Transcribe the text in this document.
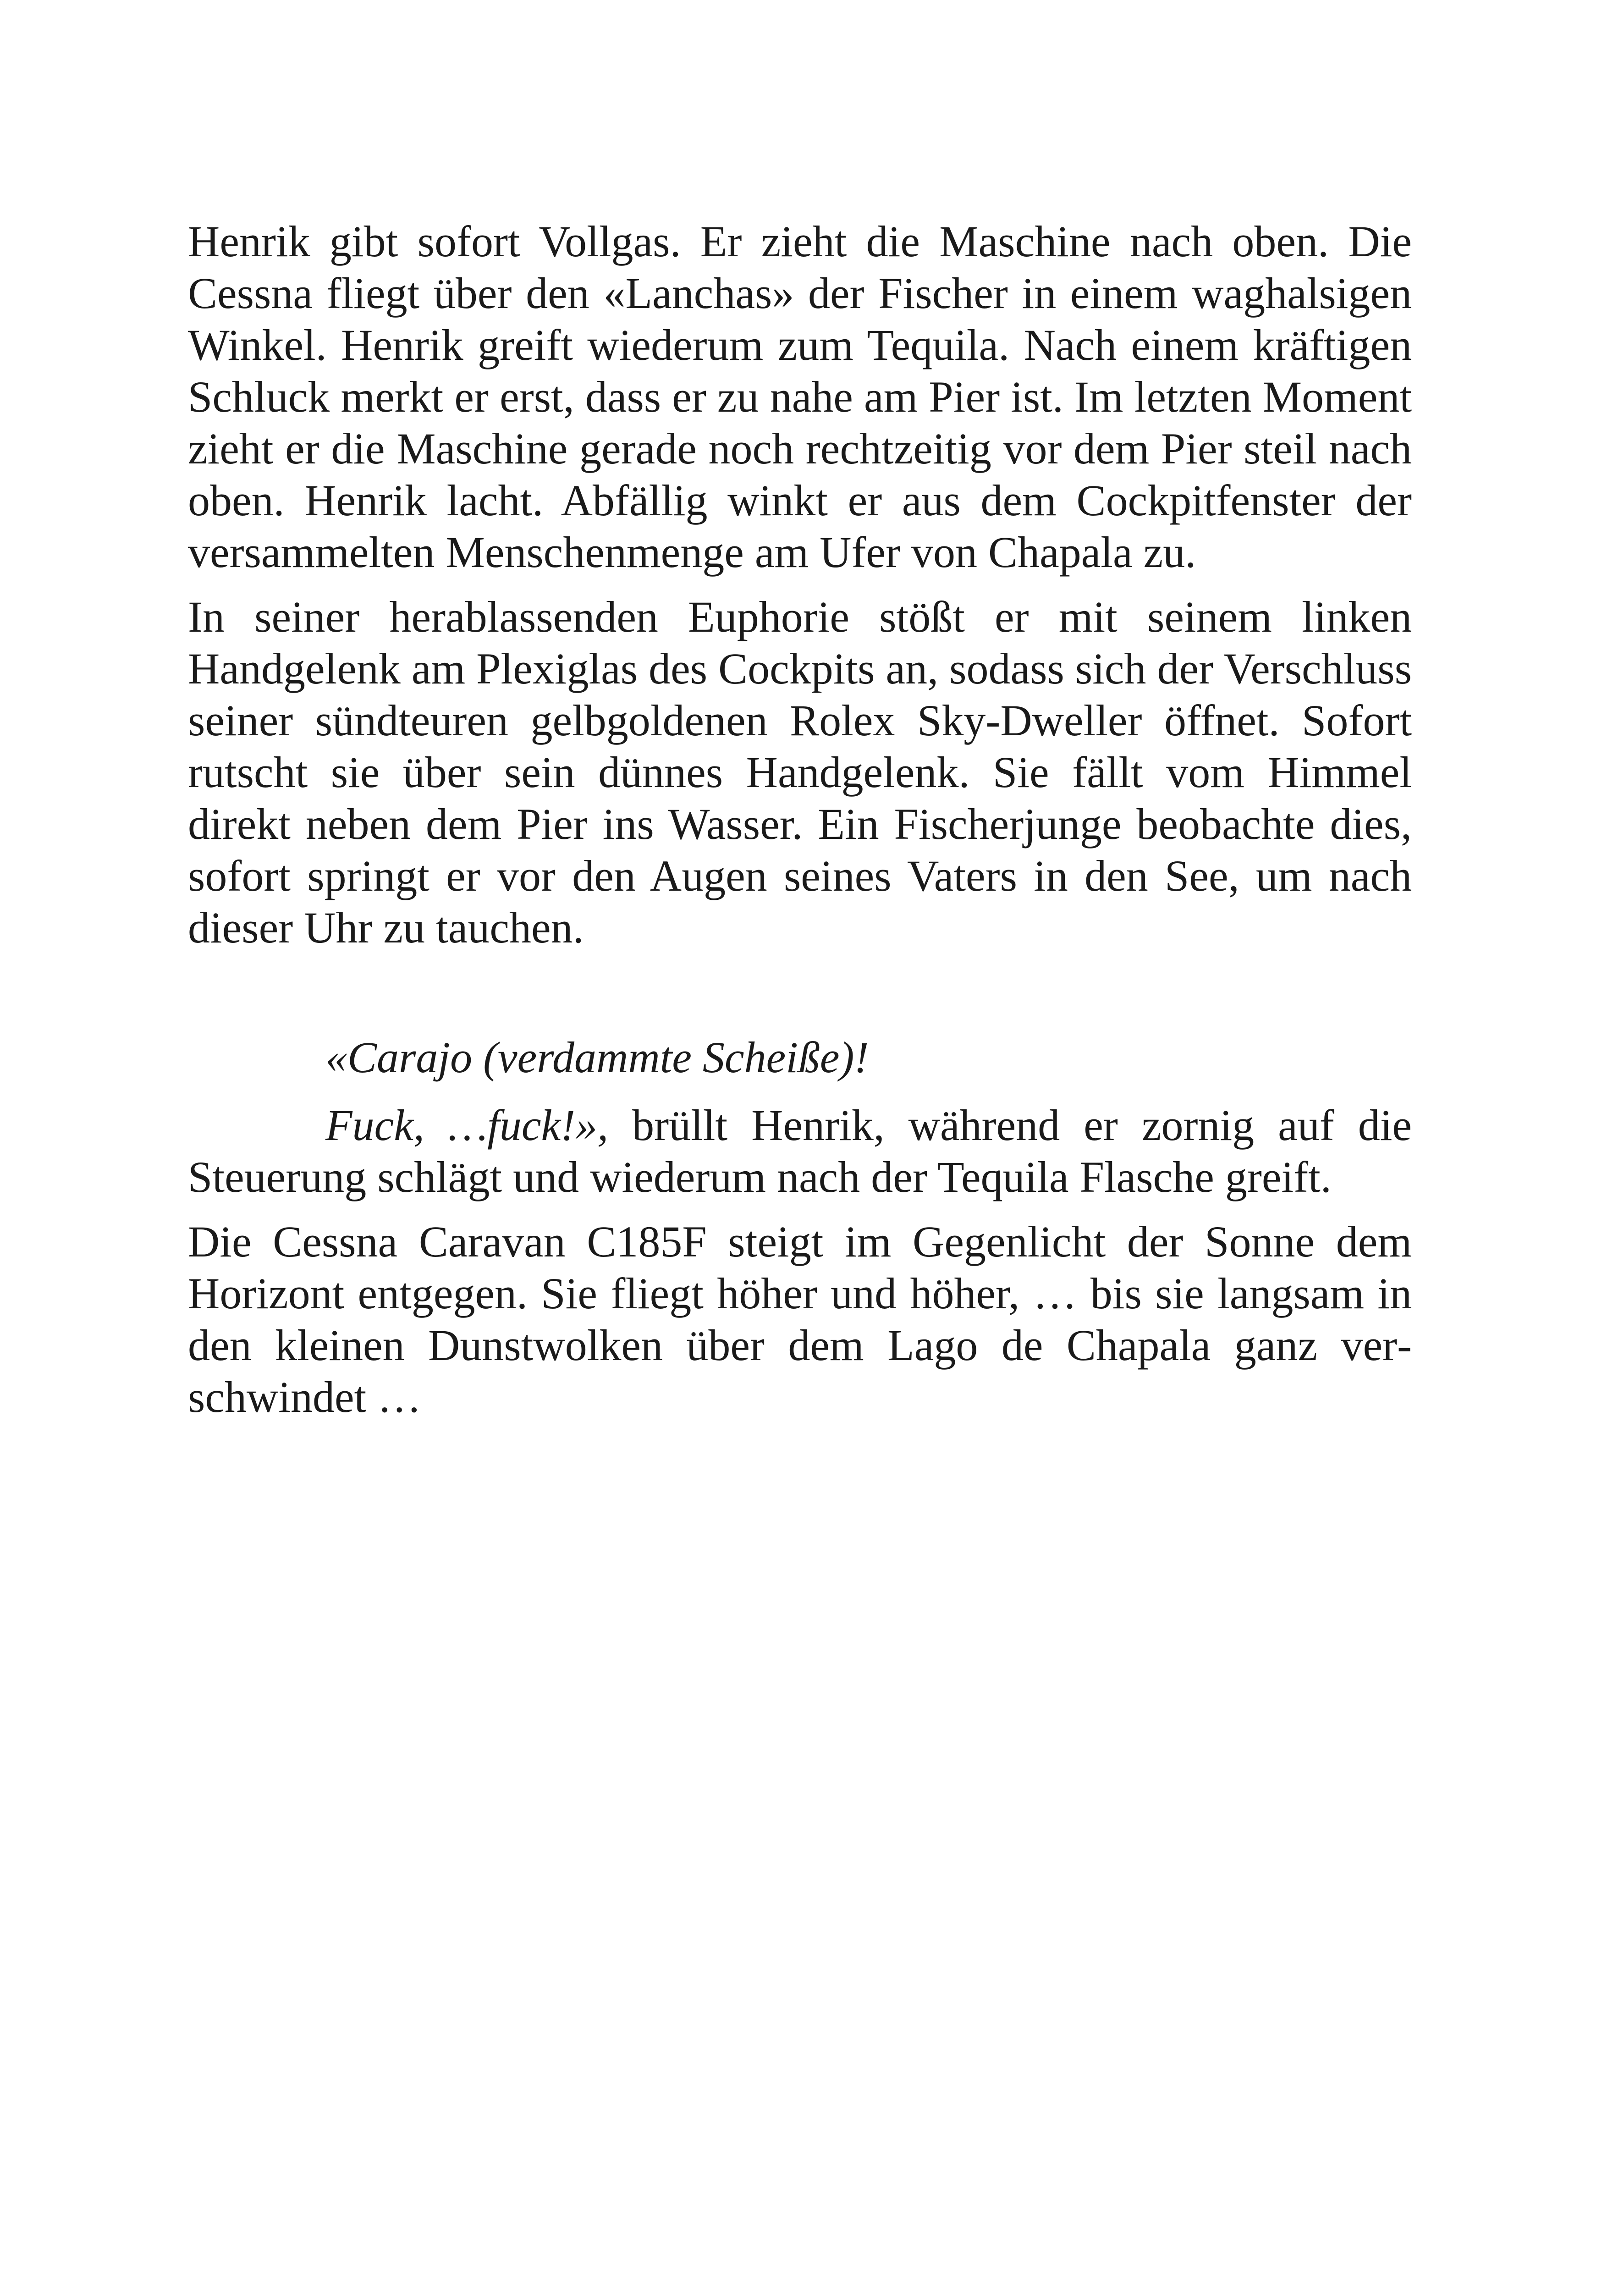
Henrik gibt sofort Vollgas. Er zieht die Maschine nach oben. Die Cessna fliegt über den «Lanchas» der Fischer in einem waghalsigen Winkel. Henrik greift wiederum zum Tequila. Nach einem kräftigen Schluck merkt er erst, dass er zu nahe am Pier ist. Im letzten Moment zieht er die Maschine gerade noch rechtzeitig vor dem Pier steil nach oben. Henrik lacht. Abfällig winkt er aus dem Cockpitfenster der versammelten Menschenmenge am Ufer von Chapala zu.

In seiner herablassenden Euphorie stößt er mit seinem linken Handgelenk am Plexiglas des Cockpits an, sodass sich der Verschluss seiner sündteuren gelbgoldenen Rolex Sky-Dweller öffnet. Sofort rutscht sie über sein dünnes Handgelenk. Sie fällt vom Himmel direkt neben dem Pier ins Wasser. Ein Fischerjunge beobachte dies, sofort springt er vor den Augen seines Vaters in den See, um nach dieser Uhr zu tauchen.

«Carajo (verdammte Scheiße)!

Fuck, …fuck!», brüllt Henrik, während er zornig auf die Steuerung schlägt und wiederum nach der Tequila Flasche greift.

Die Cessna Caravan C185F steigt im Gegenlicht der Sonne dem Horizont entgegen. Sie fliegt höher und höher, … bis sie langsam in den kleinen Dunstwolken über dem Lago de Chapala ganz verschwindet …
